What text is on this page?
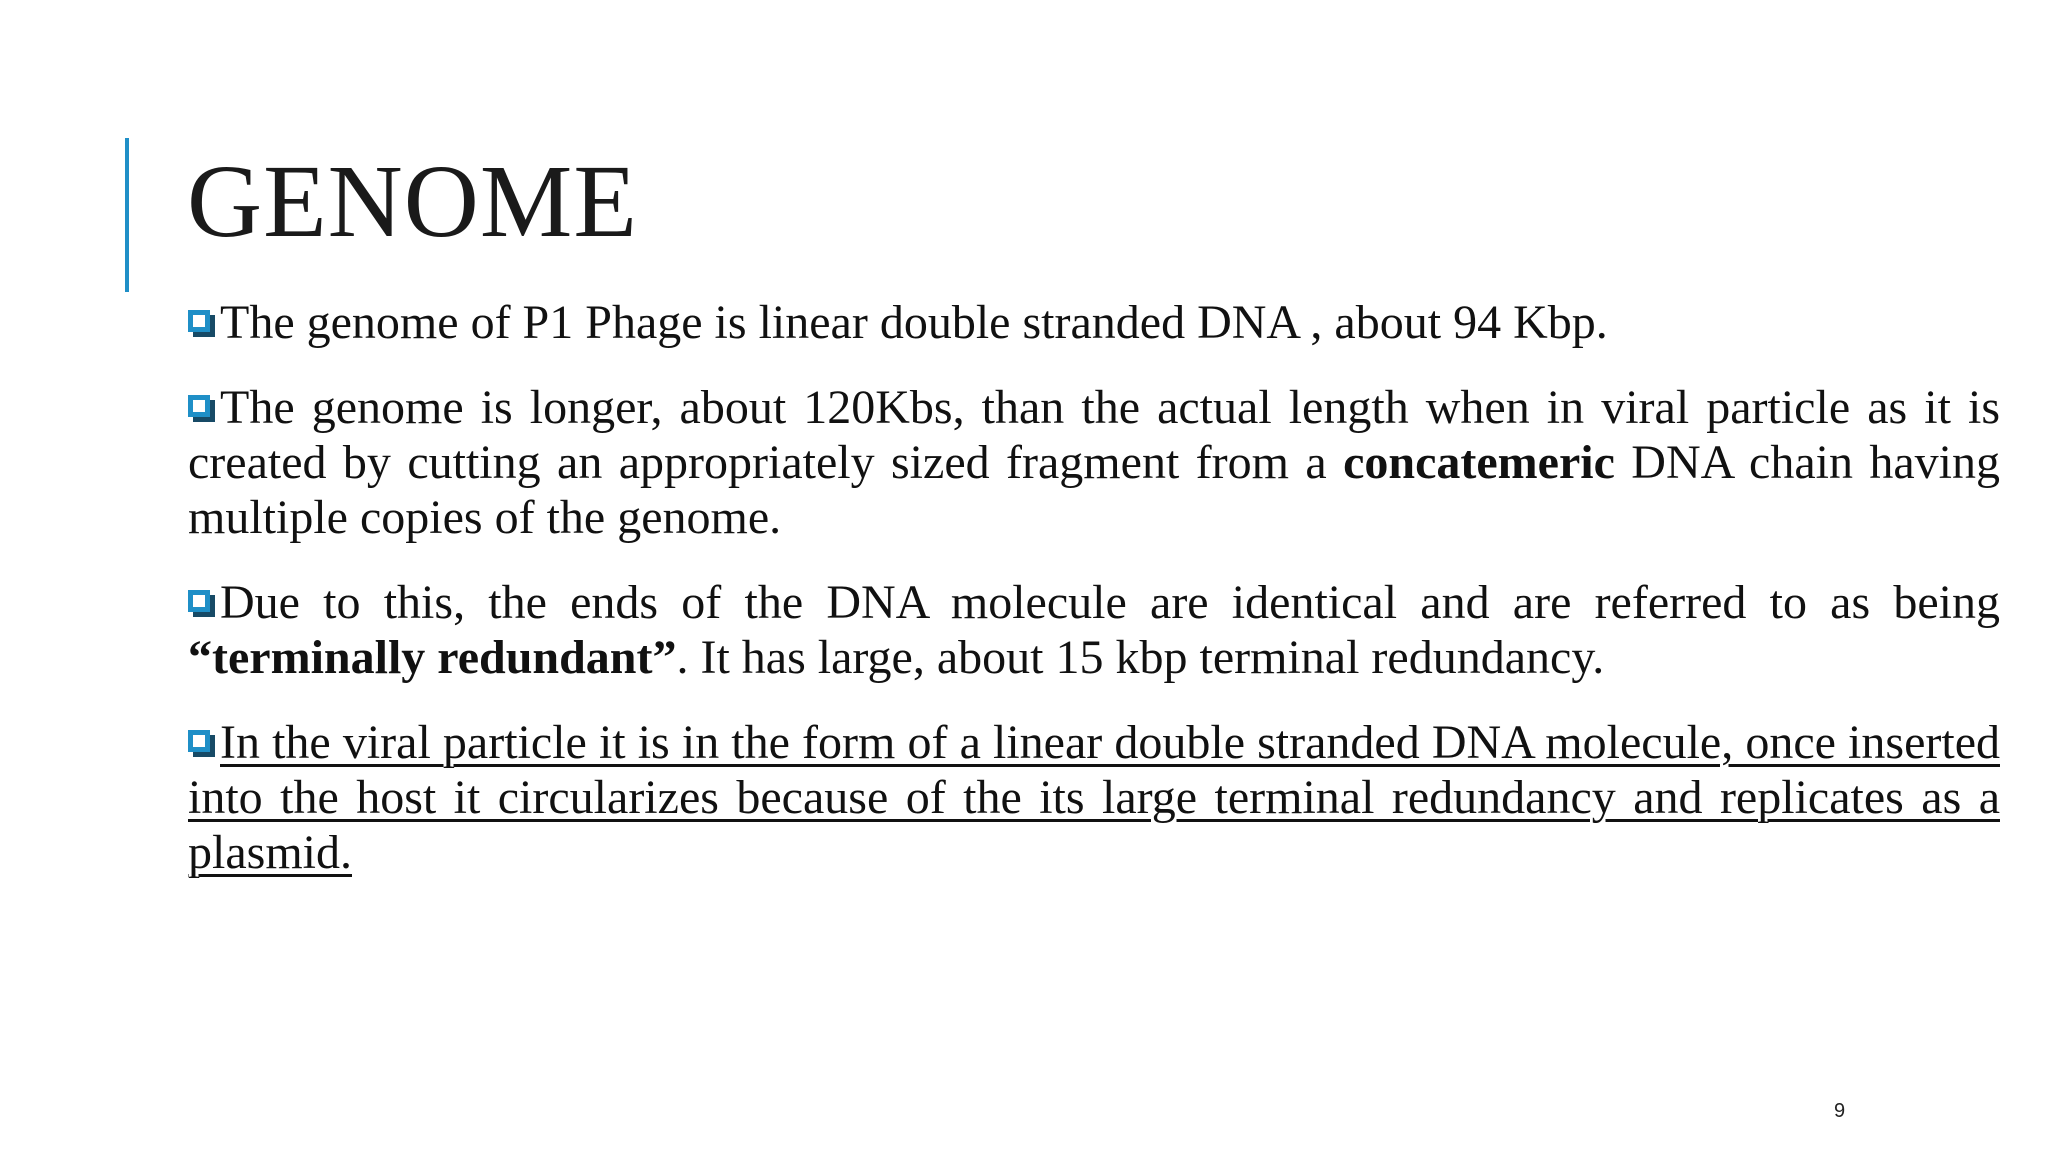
GENOME

The genome of P1 Phage is linear double stranded DNA , about 94 Kbp.

The genome is longer, about 120Kbs, than the actual length when in viral particle as it is created by cutting an appropriately sized fragment from a concatemeric DNA chain having multiple copies of the genome.

Due to this, the ends of the DNA molecule are identical and are referred to as being “terminally redundant”. It has large, about 15 kbp terminal redundancy.

In the viral particle it is in the form of a linear double stranded DNA molecule, once inserted into the host it circularizes because of the its large terminal redundancy and replicates as a plasmid.

9
